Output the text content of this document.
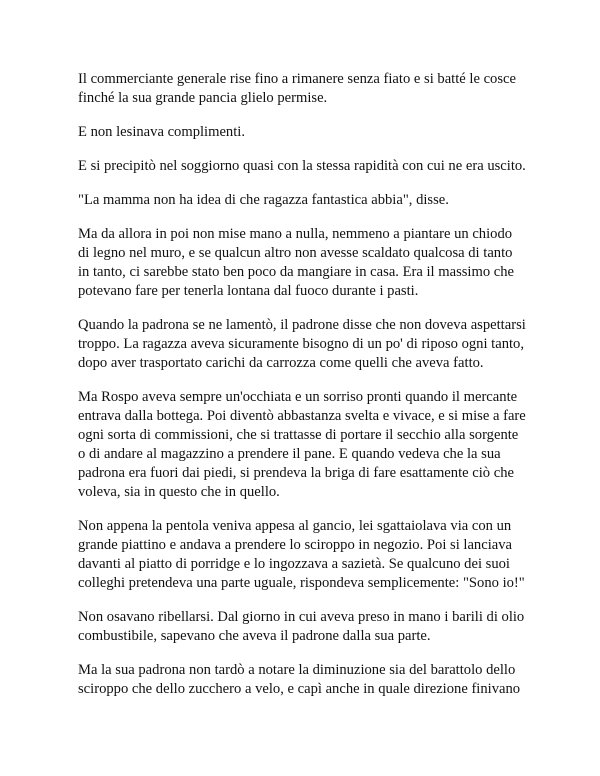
Il commerciante generale rise fino a rimanere senza fiato e si batté le cosce finché la sua grande pancia glielo permise.

E non lesinava complimenti.

E si precipitò nel soggiorno quasi con la stessa rapidità con cui ne era uscito.

"La mamma non ha idea di che ragazza fantastica abbia", disse.

Ma da allora in poi non mise mano a nulla, nemmeno a piantare un chiodo di legno nel muro, e se qualcun altro non avesse scaldato qualcosa di tanto in tanto, ci sarebbe stato ben poco da mangiare in casa. Era il massimo che potevano fare per tenerla lontana dal fuoco durante i pasti.

Quando la padrona se ne lamentò, il padrone disse che non doveva aspettarsi troppo. La ragazza aveva sicuramente bisogno di un po' di riposo ogni tanto, dopo aver trasportato carichi da carrozza come quelli che aveva fatto.

Ma Rospo aveva sempre un'occhiata e un sorriso pronti quando il mercante entrava dalla bottega. Poi diventò abbastanza svelta e vivace, e si mise a fare ogni sorta di commissioni, che si trattasse di portare il secchio alla sorgente o di andare al magazzino a prendere il pane. E quando vedeva che la sua padrona era fuori dai piedi, si prendeva la briga di fare esattamente ciò che voleva, sia in questo che in quello.

Non appena la pentola veniva appesa al gancio, lei sgattaiolava via con un grande piattino e andava a prendere lo sciroppo in negozio. Poi si lanciava davanti al piatto di porridge e lo ingozzava a sazietà. Se qualcuno dei suoi colleghi pretendeva una parte uguale, rispondeva semplicemente: "Sono io!"

Non osavano ribellarsi. Dal giorno in cui aveva preso in mano i barili di olio combustibile, sapevano che aveva il padrone dalla sua parte.

Ma la sua padrona non tardò a notare la diminuzione sia del barattolo dello sciroppo che dello zucchero a velo, e capì anche in quale direzione finivano
